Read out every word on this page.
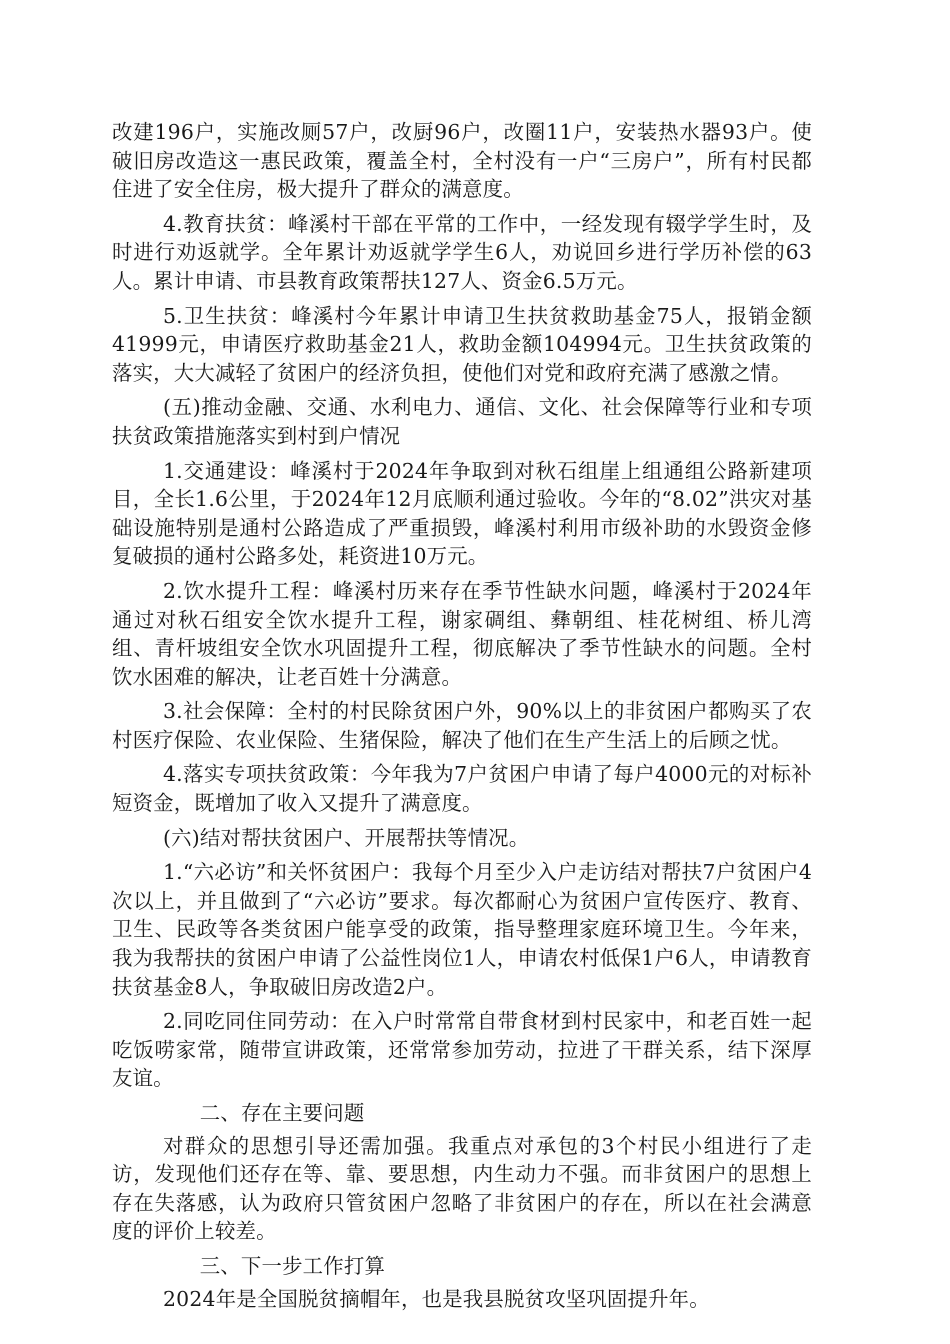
改建196户，实施改厕57户，改厨96户，改圈11户，安装热水器93户。使破旧房改造这一惠民政策，覆盖全村，全村没有一户“三房户”，所有村民都住进了安全住房，极大提升了群众的满意度。

4.教育扶贫：峰溪村干部在平常的工作中，一经发现有辍学学生时，及时进行劝返就学。全年累计劝返就学学生6人，劝说回乡进行学历补偿的63人。累计申请、市县教育政策帮扶127人、资金6.5万元。

5.卫生扶贫：峰溪村今年累计申请卫生扶贫救助基金75人，报销金额41999元，申请医疗救助基金21人，救助金额104994元。卫生扶贫政策的落实，大大减轻了贫困户的经济负担，使他们对党和政府充满了感激之情。

(五)推动金融、交通、水利电力、通信、文化、社会保障等行业和专项扶贫政策措施落实到村到户情况

1.交通建设：峰溪村于2024年争取到对秋石组崖上组通组公路新建项目，全长1.6公里，于2024年12月底顺利通过验收。今年的“8.02”洪灾对基础设施特别是通村公路造成了严重损毁，峰溪村利用市级补助的水毁资金修复破损的通村公路多处，耗资进10万元。

2.饮水提升工程：峰溪村历来存在季节性缺水问题，峰溪村于2024年通过对秋石组安全饮水提升工程，谢家碉组、彝朝组、桂花树组、桥儿湾组、青杆坡组安全饮水巩固提升工程，彻底解决了季节性缺水的问题。全村饮水困难的解决，让老百姓十分满意。

3.社会保障：全村的村民除贫困户外，90%以上的非贫困户都购买了农村医疗保险、农业保险、生猪保险，解决了他们在生产生活上的后顾之忧。

4.落实专项扶贫政策：今年我为7户贫困户申请了每户4000元的对标补短资金，既增加了收入又提升了满意度。

(六)结对帮扶贫困户、开展帮扶等情况。

1.“六必访”和关怀贫困户：我每个月至少入户走访结对帮扶7户贫困户4次以上，并且做到了“六必访”要求。每次都耐心为贫困户宣传医疗、教育、卫生、民政等各类贫困户能享受的政策，指导整理家庭环境卫生。今年来，我为我帮扶的贫困户申请了公益性岗位1人，申请农村低保1户6人，申请教育扶贫基金8人，争取破旧房改造2户。

2.同吃同住同劳动：在入户时常常自带食材到村民家中，和老百姓一起吃饭唠家常，随带宣讲政策，还常常参加劳动，拉进了干群关系，结下深厚友谊。

二、存在主要问题

对群众的思想引导还需加强。我重点对承包的3个村民小组进行了走访，发现他们还存在等、靠、要思想，内生动力不强。而非贫困户的思想上存在失落感，认为政府只管贫困户忽略了非贫困户的存在，所以在社会满意度的评价上较差。

三、下一步工作打算

2024年是全国脱贫摘帽年，也是我县脱贫攻坚巩固提升年。
